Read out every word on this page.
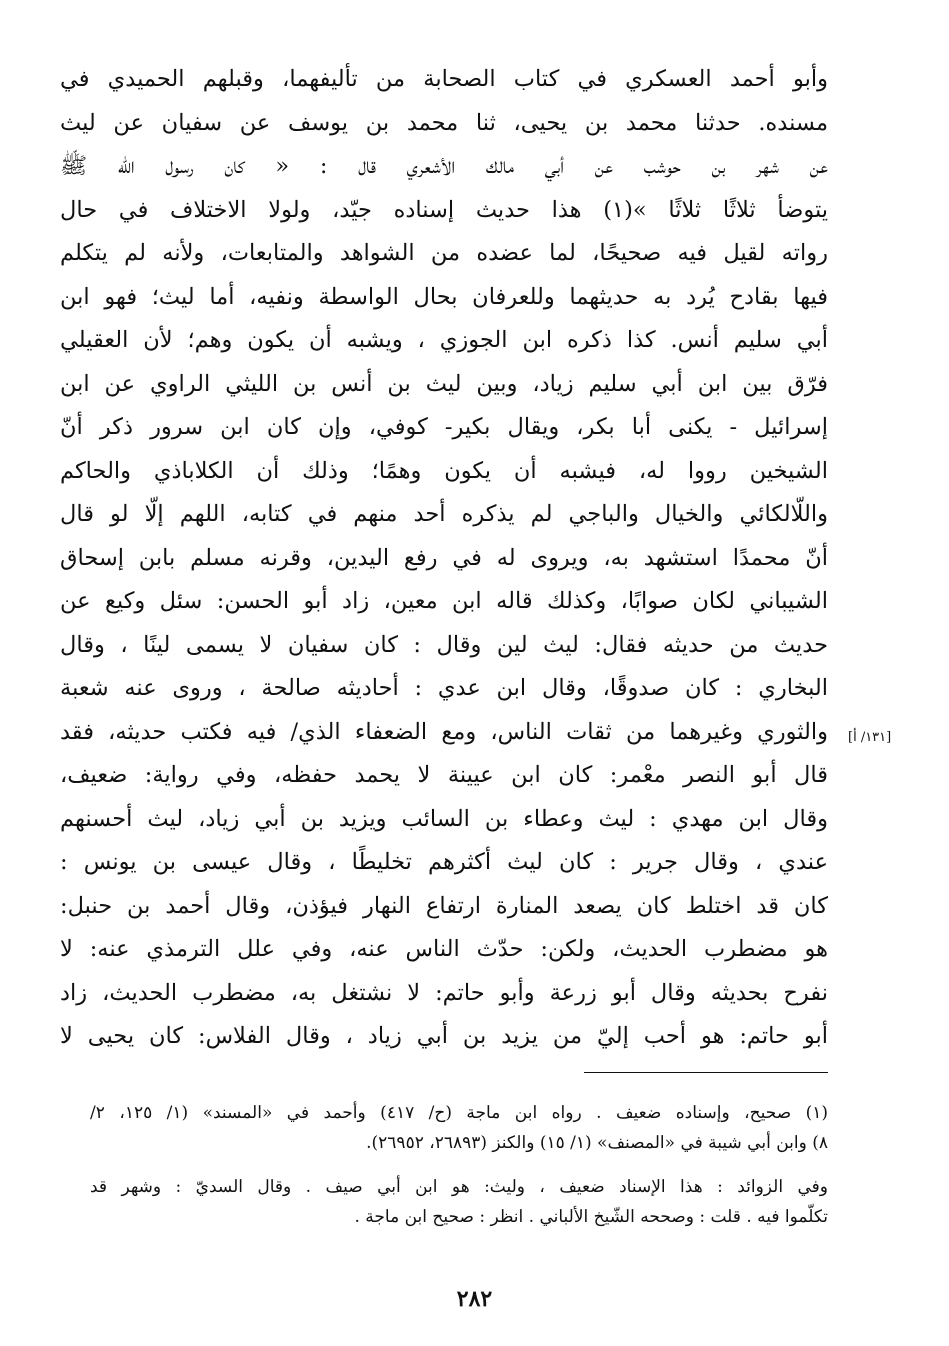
وأبو أحمد العسكري في كتاب الصحابة من تأليفهما، وقبلهم الحميدي في
مسنده. حدثنا محمد بن يحيى، ثنا محمد بن يوسف عن سفيان عن ليث
عن شهر بن حوشب عن أبي مالك الأشعري قال : « كان رسول الله ﷺ
يتوضأ ثلاثًا ثلاثًا »(١) هذا حديث إسناده جيّد، ولولا الاختلاف في حال
رواته لقيل فيه صحيحًا، لما عضده من الشواهد والمتابعات، ولأنه لم يتكلم
فيها بقادح يُرد به حديثهما وللعرفان بحال الواسطة ونفيه، أما ليث؛ فهو ابن
أبي سليم أنس. كذا ذكره ابن الجوزي ، ويشبه أن يكون وهم؛ لأن العقيلي
فرّق بين ابن أبي سليم زياد، وبين ليث بن أنس بن الليثي الراوي عن ابن
إسرائيل - يكنى أبا بكر، ويقال بكير- كوفي، وإن كان ابن سرور ذكر أنّ
الشيخين رووا له، فيشبه أن يكون وهمًا؛ وذلك أن الكلاباذي والحاكم
واللّالكائي والخيال والباجي لم يذكره أحد منهم في كتابه، اللهم إلّا لو قال
أنّ محمدًا استشهد به، ويروى له في رفع اليدين، وقرنه مسلم بابن إسحاق
الشيباني لكان صوابًا، وكذلك قاله ابن معين، زاد أبو الحسن: سئل وكيع عن
حديث من حديثه فقال: ليث لين وقال : كان سفيان لا يسمى لينًا ، وقال
البخاري : كان صدوقًا، وقال ابن عدي : أحاديثه صالحة ، وروى عنه شعبة
والثوري وغيرهما من ثقات الناس، ومع الضعفاء الذي/ فيه فكتب حديثه، فقد
قال أبو النصر معْمر: كان ابن عيينة لا يحمد حفظه، وفي رواية: ضعيف،
وقال ابن مهدي : ليث وعطاء بن السائب ويزيد بن أبي زياد، ليث أحسنهم
عندي ، وقال جرير : كان ليث أكثرهم تخليطًا ، وقال عيسى بن يونس :
كان قد اختلط كان يصعد المنارة ارتفاع النهار فيؤذن، وقال أحمد بن حنبل:
هو مضطرب الحديث، ولكن: حدّث الناس عنه، وفي علل الترمذي عنه: لا
نفرح بحديثه وقال أبو زرعة وأبو حاتم: لا نشتغل به، مضطرب الحديث، زاد
أبو حاتم: هو أحب إليّ من يزيد بن أبي زياد ، وقال الفلاس: كان يحيى لا
[١٣١/ أ]
(١) صحيح، وإسناده ضعيف . رواه ابن ماجة (ح/ ٤١٧) وأحمد في «المسند» (١/ ١٢٥، ٢/
٨) وابن أبي شيبة في «المصنف» (١/ ١٥) والكنز (٢٦٨٩٣، ٢٦٩٥٢).
وفي الزوائد : هذا الإسناد ضعيف ، وليث: هو ابن أبي صيف . وقال السديّ : وشهر قد
تكلّموا فيه . قلت : وصححه الشّيخ الألباني . انظر : صحيح ابن ماجة .
٢٨٢
